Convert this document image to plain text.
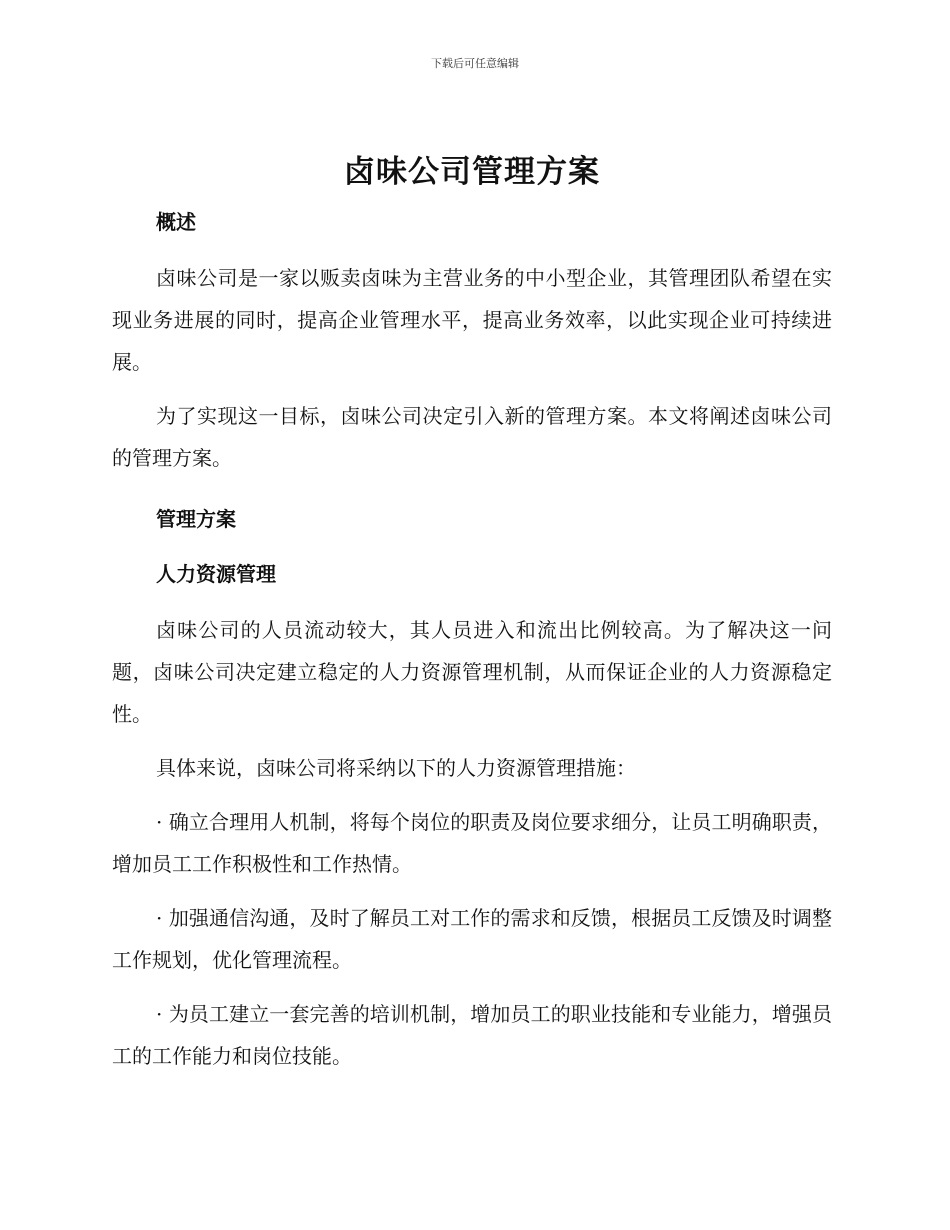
下载后可任意编辑
卤味公司管理方案

概述

卤味公司是一家以贩卖卤味为主营业务的中小型企业，其管理团队希望在实现业务进展的同时，提高企业管理水平，提高业务效率，以此实现企业可持续进展。

为了实现这一目标，卤味公司决定引入新的管理方案。本文将阐述卤味公司的管理方案。

管理方案

人力资源管理

卤味公司的人员流动较大，其人员进入和流出比例较高。为了解决这一问题，卤味公司决定建立稳定的人力资源管理机制，从而保证企业的人力资源稳定性。

具体来说，卤味公司将采纳以下的人力资源管理措施：

· 确立合理用人机制，将每个岗位的职责及岗位要求细分，让员工明确职责，增加员工工作积极性和工作热情。

· 加强通信沟通，及时了解员工对工作的需求和反馈，根据员工反馈及时调整工作规划，优化管理流程。

· 为员工建立一套完善的培训机制，增加员工的职业技能和专业能力，增强员工的工作能力和岗位技能。
